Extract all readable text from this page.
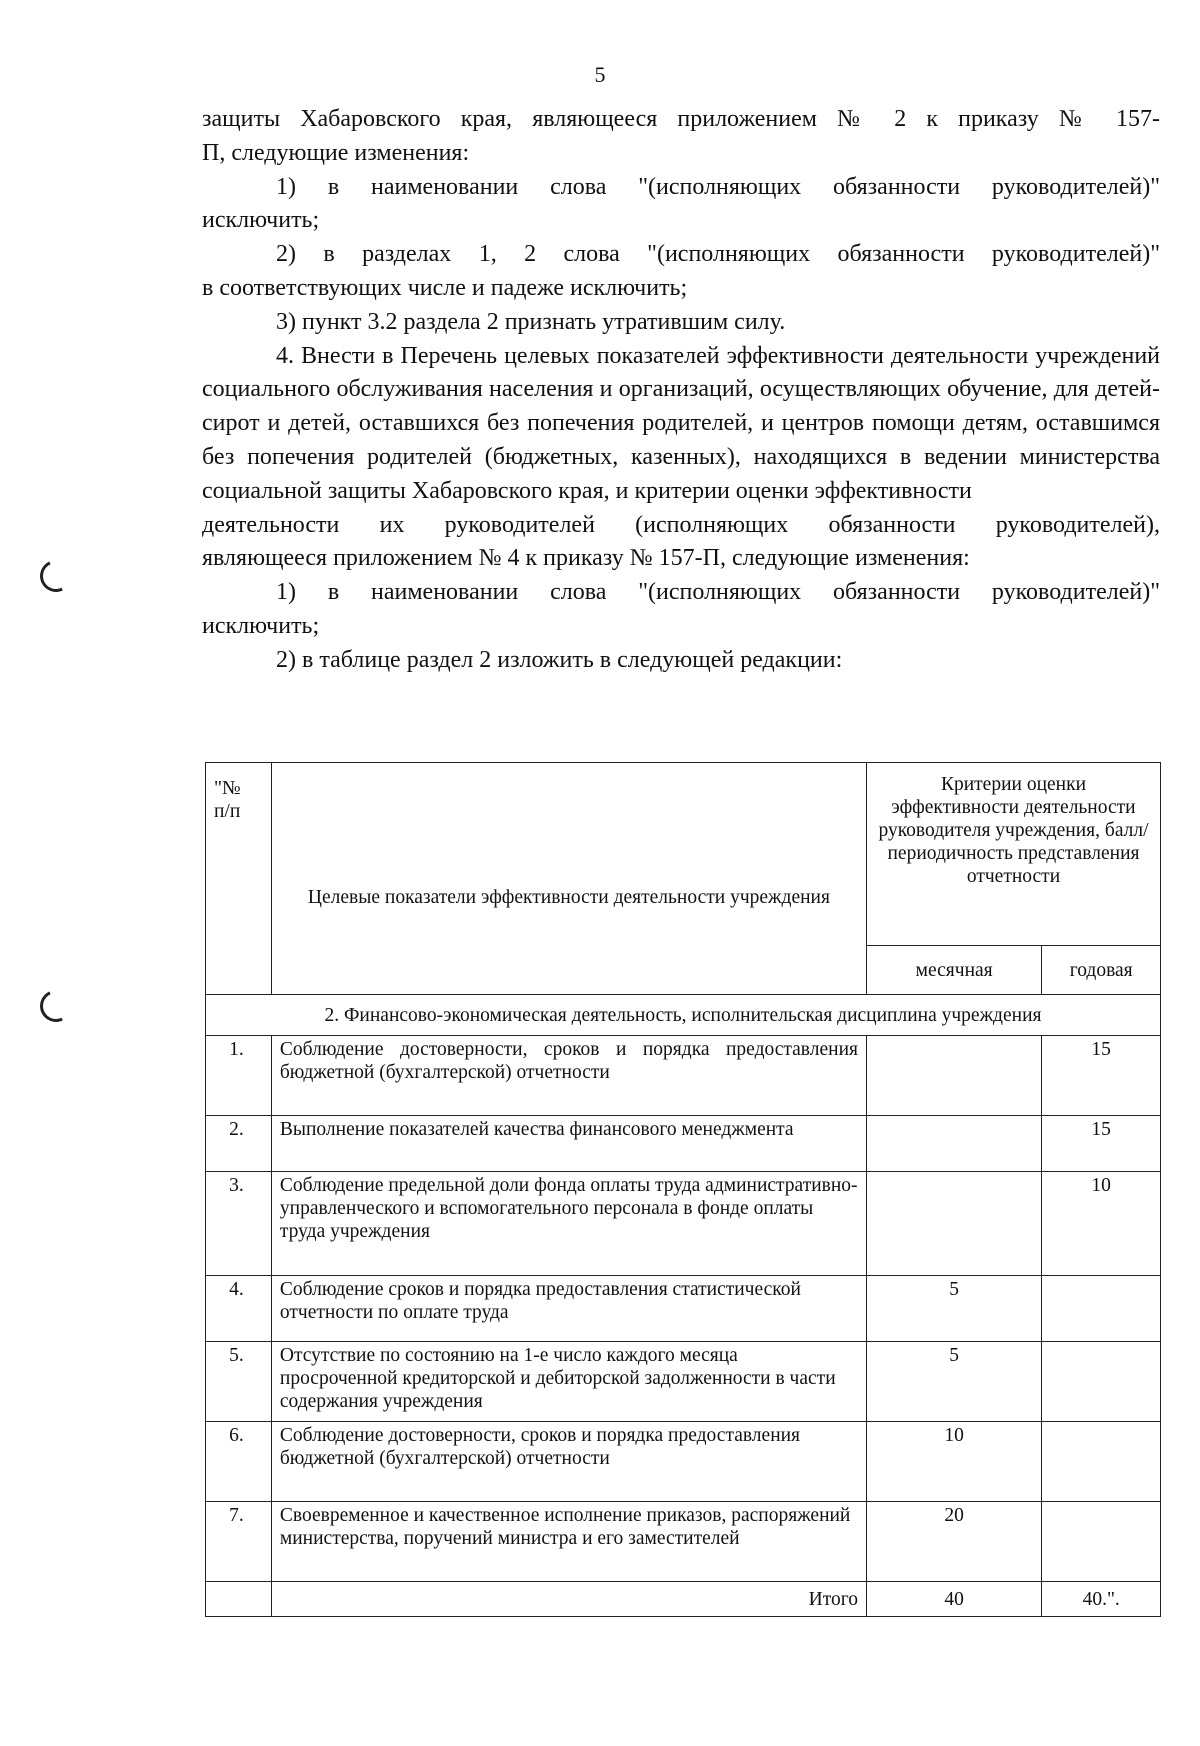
5

защиты Хабаровского края, являющееся приложением № 2 к приказу № 157-

П, следующие изменения:

1) в наименовании слова "(исполняющих обязанности руководителей)"

исключить;

2) в разделах 1, 2 слова "(исполняющих обязанности руководителей)"

в соответствующих числе и падеже исключить;

3) пункт 3.2 раздела 2 признать утратившим силу.

4. Внести в Перечень целевых показателей эффективности деятельности учреждений социального обслуживания населения и организаций, осуществляющих обучение, для детей-сирот и детей, оставшихся без попечения родителей, и центров помощи детям, оставшимся без попечения родителей (бюджетных, казенных), находящихся в ведении министерства социальной защиты Хабаровского края, и критерии оценки эффективности

деятельности их руководителей (исполняющих обязанности руководителей),

являющееся приложением № 4 к приказу № 157-П, следующие изменения:

1) в наименовании слова "(исполняющих обязанности руководителей)"

исключить;

2) в таблице раздел 2 изложить в следующей редакции:

"№ п/п	Целевые показатели эффективности деятельности учреждения	Критерии оценки эффективности деятельности руководителя учреждения, балл/периодичность представления отчетности	
		месячная	годовая
2. Финансово-экономическая деятельность, исполнительская дисциплина учреждения			
1.	Соблюдение достоверности, сроков и порядка предоставления бюджетной (бухгалтерской) отчетности		15
2.	Выполнение показателей качества финансового менеджмента		15
3.	Соблюдение предельной доли фонда оплаты труда административно-управленческого и вспомогательного персонала в фонде оплаты труда учреждения		10
4.	Соблюдение сроков и порядка предоставления статистической отчетности по оплате труда	5	
5.	Отсутствие по состоянию на 1-е число каждого месяца просроченной кредиторской и дебиторской задолженности в части содержания учреждения	5	
6.	Соблюдение достоверности, сроков и порядка предоставления бюджетной (бухгалтерской) отчетности	10	
7.	Своевременное и качественное исполнение приказов, распоряжений министерства, поручений министра и его заместителей	20	
	Итого	40	40.".
